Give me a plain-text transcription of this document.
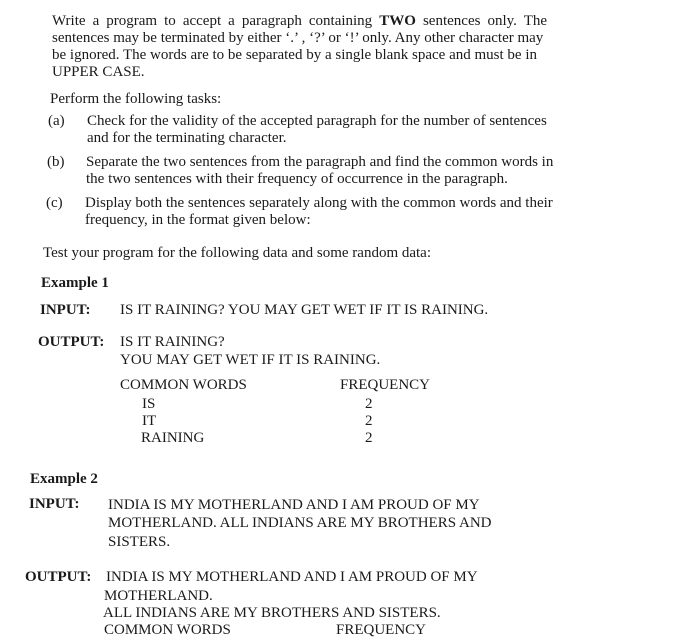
Write a program to accept a paragraph containing TWO sentences only. The
sentences may be terminated by either ‘.’ , ‘?’ or ‘!’ only. Any other character may
be ignored. The words are to be separated by a single blank space and must be in
UPPER CASE.
Perform the following tasks:
(a) Check for the validity of the accepted paragraph for the number of sentences
and for the terminating character.
(b) Separate the two sentences from the paragraph and find the common words in
the two sentences with their frequency of occurrence in the paragraph.
(c) Display both the sentences separately along with the common words and their
frequency, in the format given below:
Test your program for the following data and some random data:
Example 1
INPUT: IS IT RAINING? YOU MAY GET WET IF IT IS RAINING.
OUTPUT: IS IT RAINING?
YOU MAY GET WET IF IT IS RAINING.
COMMON WORDS	FREQUENCY
IS	2
IT	2
RAINING	2
Example 2
INPUT: INDIA IS MY MOTHERLAND AND I AM PROUD OF MY
MOTHERLAND. ALL INDIANS ARE MY BROTHERS AND
SISTERS.
OUTPUT: INDIA IS MY MOTHERLAND AND I AM PROUD OF MY
MOTHERLAND.
ALL INDIANS ARE MY BROTHERS AND SISTERS.
COMMON WORDS	FREQUENCY
